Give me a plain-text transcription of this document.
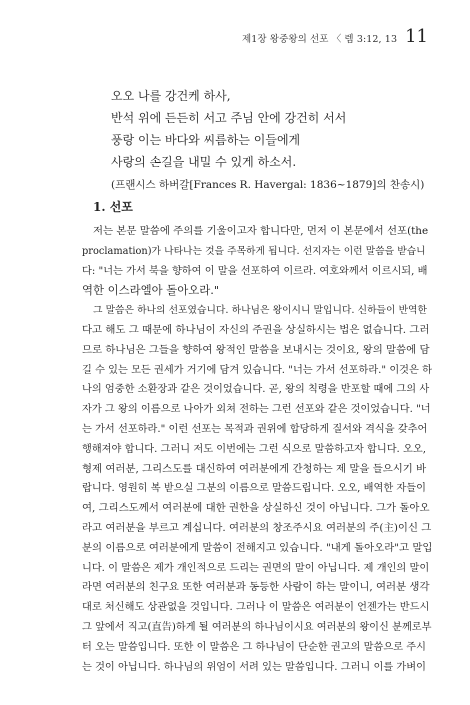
제1장 왕중왕의 선포 〈 렘 3:12, 13 11
오오 나를 강건케 하사,
반석 위에 든든히 서고 주님 안에 강건히 서서
풍랑 이는 바다와 씨름하는 이들에게
사랑의 손길을 내밀 수 있게 하소서.
(프랜시스 하버갈[Frances R. Havergal: 1836~1879]의 찬송시)
1. 선포
저는 본문 말씀에 주의를 기울이고자 합니다만, 먼저 이 본문에서 선포(the
proclamation)가 나타나는 것을 주목하게 됩니다. 선지자는 이런 말씀을 받습니
다: "너는 가서 북을 향하여 이 말을 선포하여 이르라. 여호와께서 이르시되, 배
역한 이스라엘아 돌아오라."
그 말씀은 하나의 선포였습니다. 하나님은 왕이시니 말입니다. 신하들이 반역한
다고 해도 그 때문에 하나님이 자신의 주권을 상실하시는 법은 없습니다. 그러
므로 하나님은 그들을 향하여 왕적인 말씀을 보내시는 것이요, 왕의 말씀에 담
길 수 있는 모든 권세가 거기에 담겨 있습니다. "너는 가서 선포하라." 이것은 하
나의 엄중한 소환장과 같은 것이었습니다. 곧, 왕의 칙령을 반포할 때에 그의 사
자가 그 왕의 이름으로 나아가 외쳐 전하는 그런 선포와 같은 것이었습니다. "너
는 가서 선포하라." 이런 선포는 목적과 권위에 합당하게 질서와 격식을 갖추어
행해져야 합니다. 그러니 저도 이번에는 그런 식으로 말씀하고자 합니다. 오오,
형제 여러분, 그리스도를 대신하여 여러분에게 간청하는 제 말을 들으시기 바
랍니다. 영원히 복 받으실 그분의 이름으로 말씀드립니다. 오오, 배역한 자들이
여, 그리스도께서 여러분에 대한 권한을 상실하신 것이 아닙니다. 그가 돌아오
라고 여러분을 부르고 계십니다. 여러분의 창조주시요 여러분의 주(主)이신 그
분의 이름으로 여러분에게 말씀이 전해지고 있습니다. "내게 돌아오라"고 말입
니다. 이 말씀은 제가 개인적으로 드리는 권면의 말이 아닙니다. 제 개인의 말이
라면 여러분의 친구요 또한 여러분과 동등한 사람이 하는 말이니, 여러분 생각
대로 처신해도 상관없을 것입니다. 그러나 이 말씀은 여러분이 언젠가는 반드시
그 앞에서 직고(直告)하게 될 여러분의 하나님이시요 여러분의 왕이신 분께로부
터 오는 말씀입니다. 또한 이 말씀은 그 하나님이 단순한 권고의 말씀으로 주시
는 것이 아닙니다. 하나님의 위엄이 서려 있는 말씀입니다. 그러니 이를 가벼이
